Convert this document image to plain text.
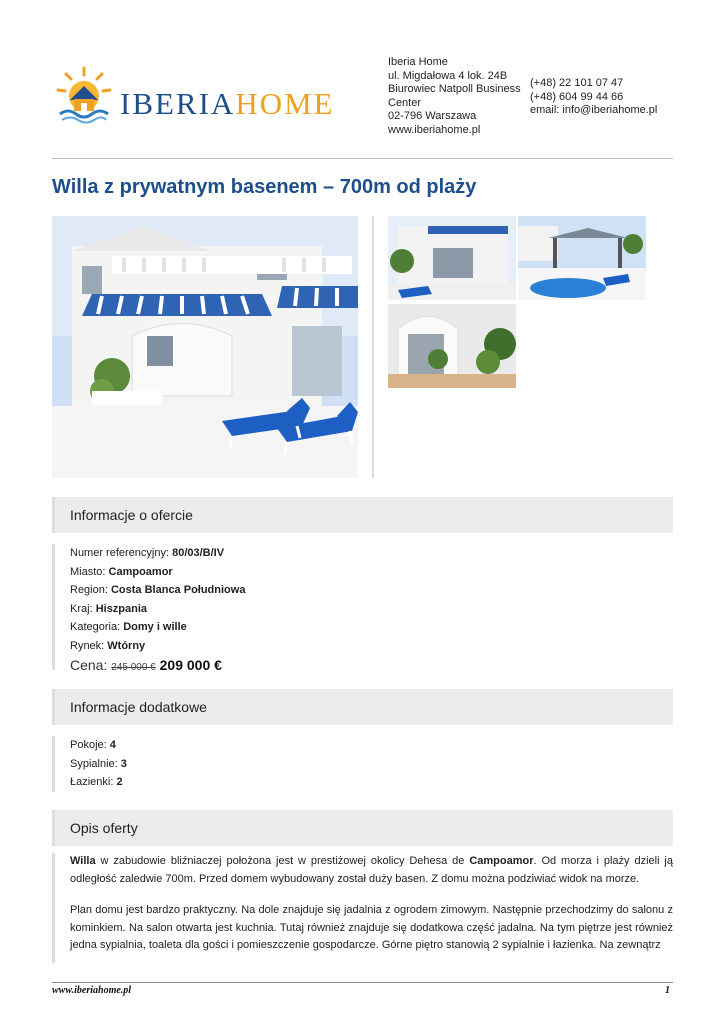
IBERIAHOME
Iberia Home
ul. Migdałowa 4 lok. 24B
Biurowiec Natpoll Business
Center
02-796 Warszawa
www.iberiahome.pl
(+48) 22 101 07 47
(+48) 604 99 44 66
email: info@iberiahome.pl
Willa z prywatnym basenem – 700m od plaży
Informacje o ofercie
Numer referencyjny: 80/03/B/IV
Miasto: Campoamor
Region: Costa Blanca Południowa
Kraj: Hiszpania
Kategoria: Domy i wille
Rynek: Wtórny
Cena: 245 000 € 209 000 €
Informacje dodatkowe
Pokoje: 4
Sypialnie: 3
Łazienki: 2
Opis oferty

Willa w zabudowie bliźniaczej położona jest w prestiżowej okolicy Dehesa de Campoamor. Od morza i plaży dzieli ją odległość zaledwie 700m. Przed domem wybudowany został duży basen. Z domu można podziwiać widok na morze.

Plan domu jest bardzo praktyczny. Na dole znajduje się jadalnia z ogrodem zimowym. Następnie przechodzimy do salonu z kominkiem. Na salon otwarta jest kuchnia. Tutaj również znajduje się dodatkowa część jadalna. Na tym piętrze jest również jedna sypialnia, toaleta dla gości i pomieszczenie gospodarcze. Górne piętro stanowią 2 sypialnie i łazienka. Na zewnątrz

www.iberiahome.pl	1
